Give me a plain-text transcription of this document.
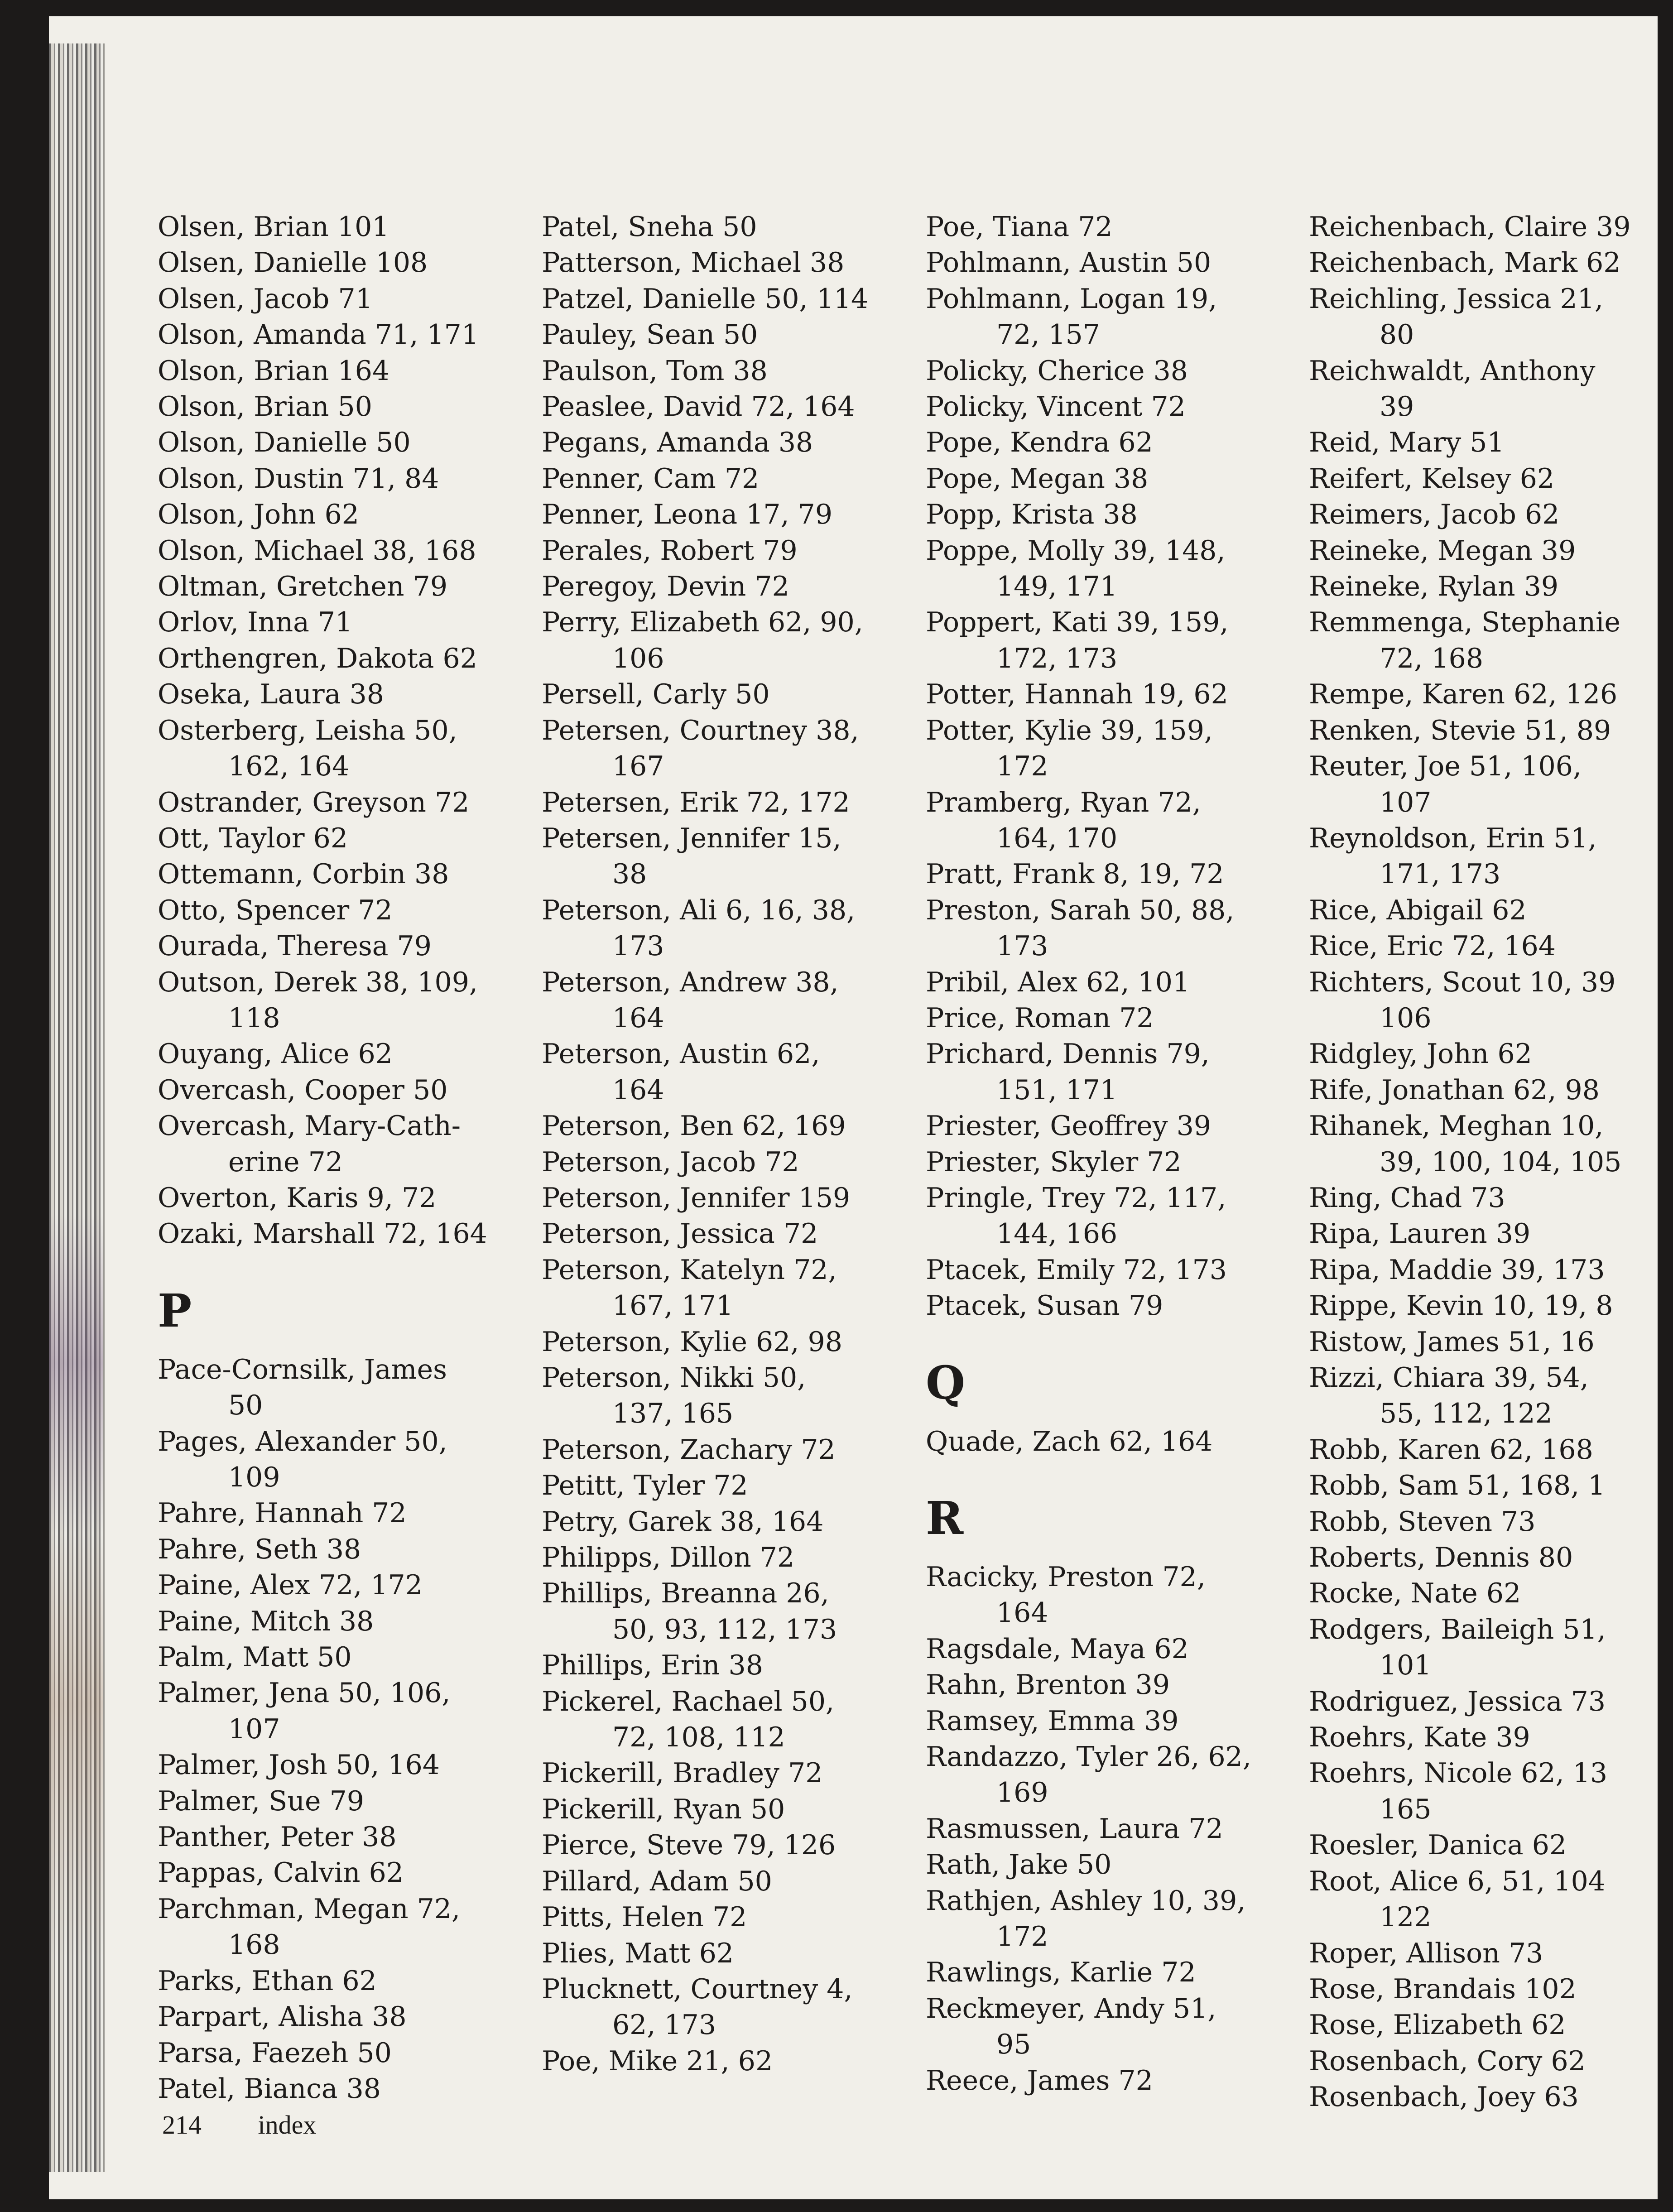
Olsen, Brian 101
Olsen, Danielle 108
Olsen, Jacob 71
Olson, Amanda 71, 171
Olson, Brian 164
Olson, Brian 50
Olson, Danielle 50
Olson, Dustin 71, 84
Olson, John 62
Olson, Michael 38, 168
Oltman, Gretchen 79
Orlov, Inna 71
Orthengren, Dakota 62
Oseka, Laura 38
Osterberg, Leisha 50,
162, 164
Ostrander, Greyson 72
Ott, Taylor 62
Ottemann, Corbin 38
Otto, Spencer 72
Ourada, Theresa 79
Outson, Derek 38, 109,
118
Ouyang, Alice 62
Overcash, Cooper 50
Overcash, Mary-Cath-
erine 72
Overton, Karis 9, 72
Ozaki, Marshall 72, 164
P
Pace-Cornsilk, James
50
Pages, Alexander 50,
109
Pahre, Hannah 72
Pahre, Seth 38
Paine, Alex 72, 172
Paine, Mitch 38
Palm, Matt 50
Palmer, Jena 50, 106,
107
Palmer, Josh 50, 164
Palmer, Sue 79
Panther, Peter 38
Pappas, Calvin 62
Parchman, Megan 72,
168
Parks, Ethan 62
Parpart, Alisha 38
Parsa, Faezeh 50
Patel, Bianca 38
Patel, Sneha 50
Patterson, Michael 38
Patzel, Danielle 50, 114
Pauley, Sean 50
Paulson, Tom 38
Peaslee, David 72, 164
Pegans, Amanda 38
Penner, Cam 72
Penner, Leona 17, 79
Perales, Robert 79
Peregoy, Devin 72
Perry, Elizabeth 62, 90,
106
Persell, Carly 50
Petersen, Courtney 38,
167
Petersen, Erik 72, 172
Petersen, Jennifer 15,
38
Peterson, Ali 6, 16, 38,
173
Peterson, Andrew 38,
164
Peterson, Austin 62,
164
Peterson, Ben 62, 169
Peterson, Jacob 72
Peterson, Jennifer 159
Peterson, Jessica 72
Peterson, Katelyn 72,
167, 171
Peterson, Kylie 62, 98
Peterson, Nikki 50,
137, 165
Peterson, Zachary 72
Petitt, Tyler 72
Petry, Garek 38, 164
Philipps, Dillon 72
Phillips, Breanna 26,
50, 93, 112, 173
Phillips, Erin 38
Pickerel, Rachael 50,
72, 108, 112
Pickerill, Bradley 72
Pickerill, Ryan 50
Pierce, Steve 79, 126
Pillard, Adam 50
Pitts, Helen 72
Plies, Matt 62
Plucknett, Courtney 4,
62, 173
Poe, Mike 21, 62
Poe, Tiana 72
Pohlmann, Austin 50
Pohlmann, Logan 19,
72, 157
Policky, Cherice 38
Policky, Vincent 72
Pope, Kendra 62
Pope, Megan 38
Popp, Krista 38
Poppe, Molly 39, 148,
149, 171
Poppert, Kati 39, 159,
172, 173
Potter, Hannah 19, 62
Potter, Kylie 39, 159,
172
Pramberg, Ryan 72,
164, 170
Pratt, Frank 8, 19, 72
Preston, Sarah 50, 88,
173
Pribil, Alex 62, 101
Price, Roman 72
Prichard, Dennis 79,
151, 171
Priester, Geoffrey 39
Priester, Skyler 72
Pringle, Trey 72, 117,
144, 166
Ptacek, Emily 72, 173
Ptacek, Susan 79
Q
Quade, Zach 62, 164
R
Racicky, Preston 72,
164
Ragsdale, Maya 62
Rahn, Brenton 39
Ramsey, Emma 39
Randazzo, Tyler 26, 62,
169
Rasmussen, Laura 72
Rath, Jake 50
Rathjen, Ashley 10, 39,
172
Rawlings, Karlie 72
Reckmeyer, Andy 51,
95
Reece, James 72
Reichenbach, Claire 39
Reichenbach, Mark 62
Reichling, Jessica 21,
80
Reichwaldt, Anthony
39
Reid, Mary 51
Reifert, Kelsey 62
Reimers, Jacob 62
Reineke, Megan 39
Reineke, Rylan 39
Remmenga, Stephanie
72, 168
Rempe, Karen 62, 126
Renken, Stevie 51, 89
Reuter, Joe 51, 106,
107
Reynoldson, Erin 51,
171, 173
Rice, Abigail 62
Rice, Eric 72, 164
Richters, Scout 10, 39
106
Ridgley, John 62
Rife, Jonathan 62, 98
Rihanek, Meghan 10,
39, 100, 104, 105
Ring, Chad 73
Ripa, Lauren 39
Ripa, Maddie 39, 173
Rippe, Kevin 10, 19, 8
Ristow, James 51, 16
Rizzi, Chiara 39, 54,
55, 112, 122
Robb, Karen 62, 168
Robb, Sam 51, 168, 1
Robb, Steven 73
Roberts, Dennis 80
Rocke, Nate 62
Rodgers, Baileigh 51,
101
Rodriguez, Jessica 73
Roehrs, Kate 39
Roehrs, Nicole 62, 13
165
Roesler, Danica 62
Root, Alice 6, 51, 104
122
Roper, Allison 73
Rose, Brandais 102
Rose, Elizabeth 62
Rosenbach, Cory 62
Rosenbach, Joey 63
214 index
